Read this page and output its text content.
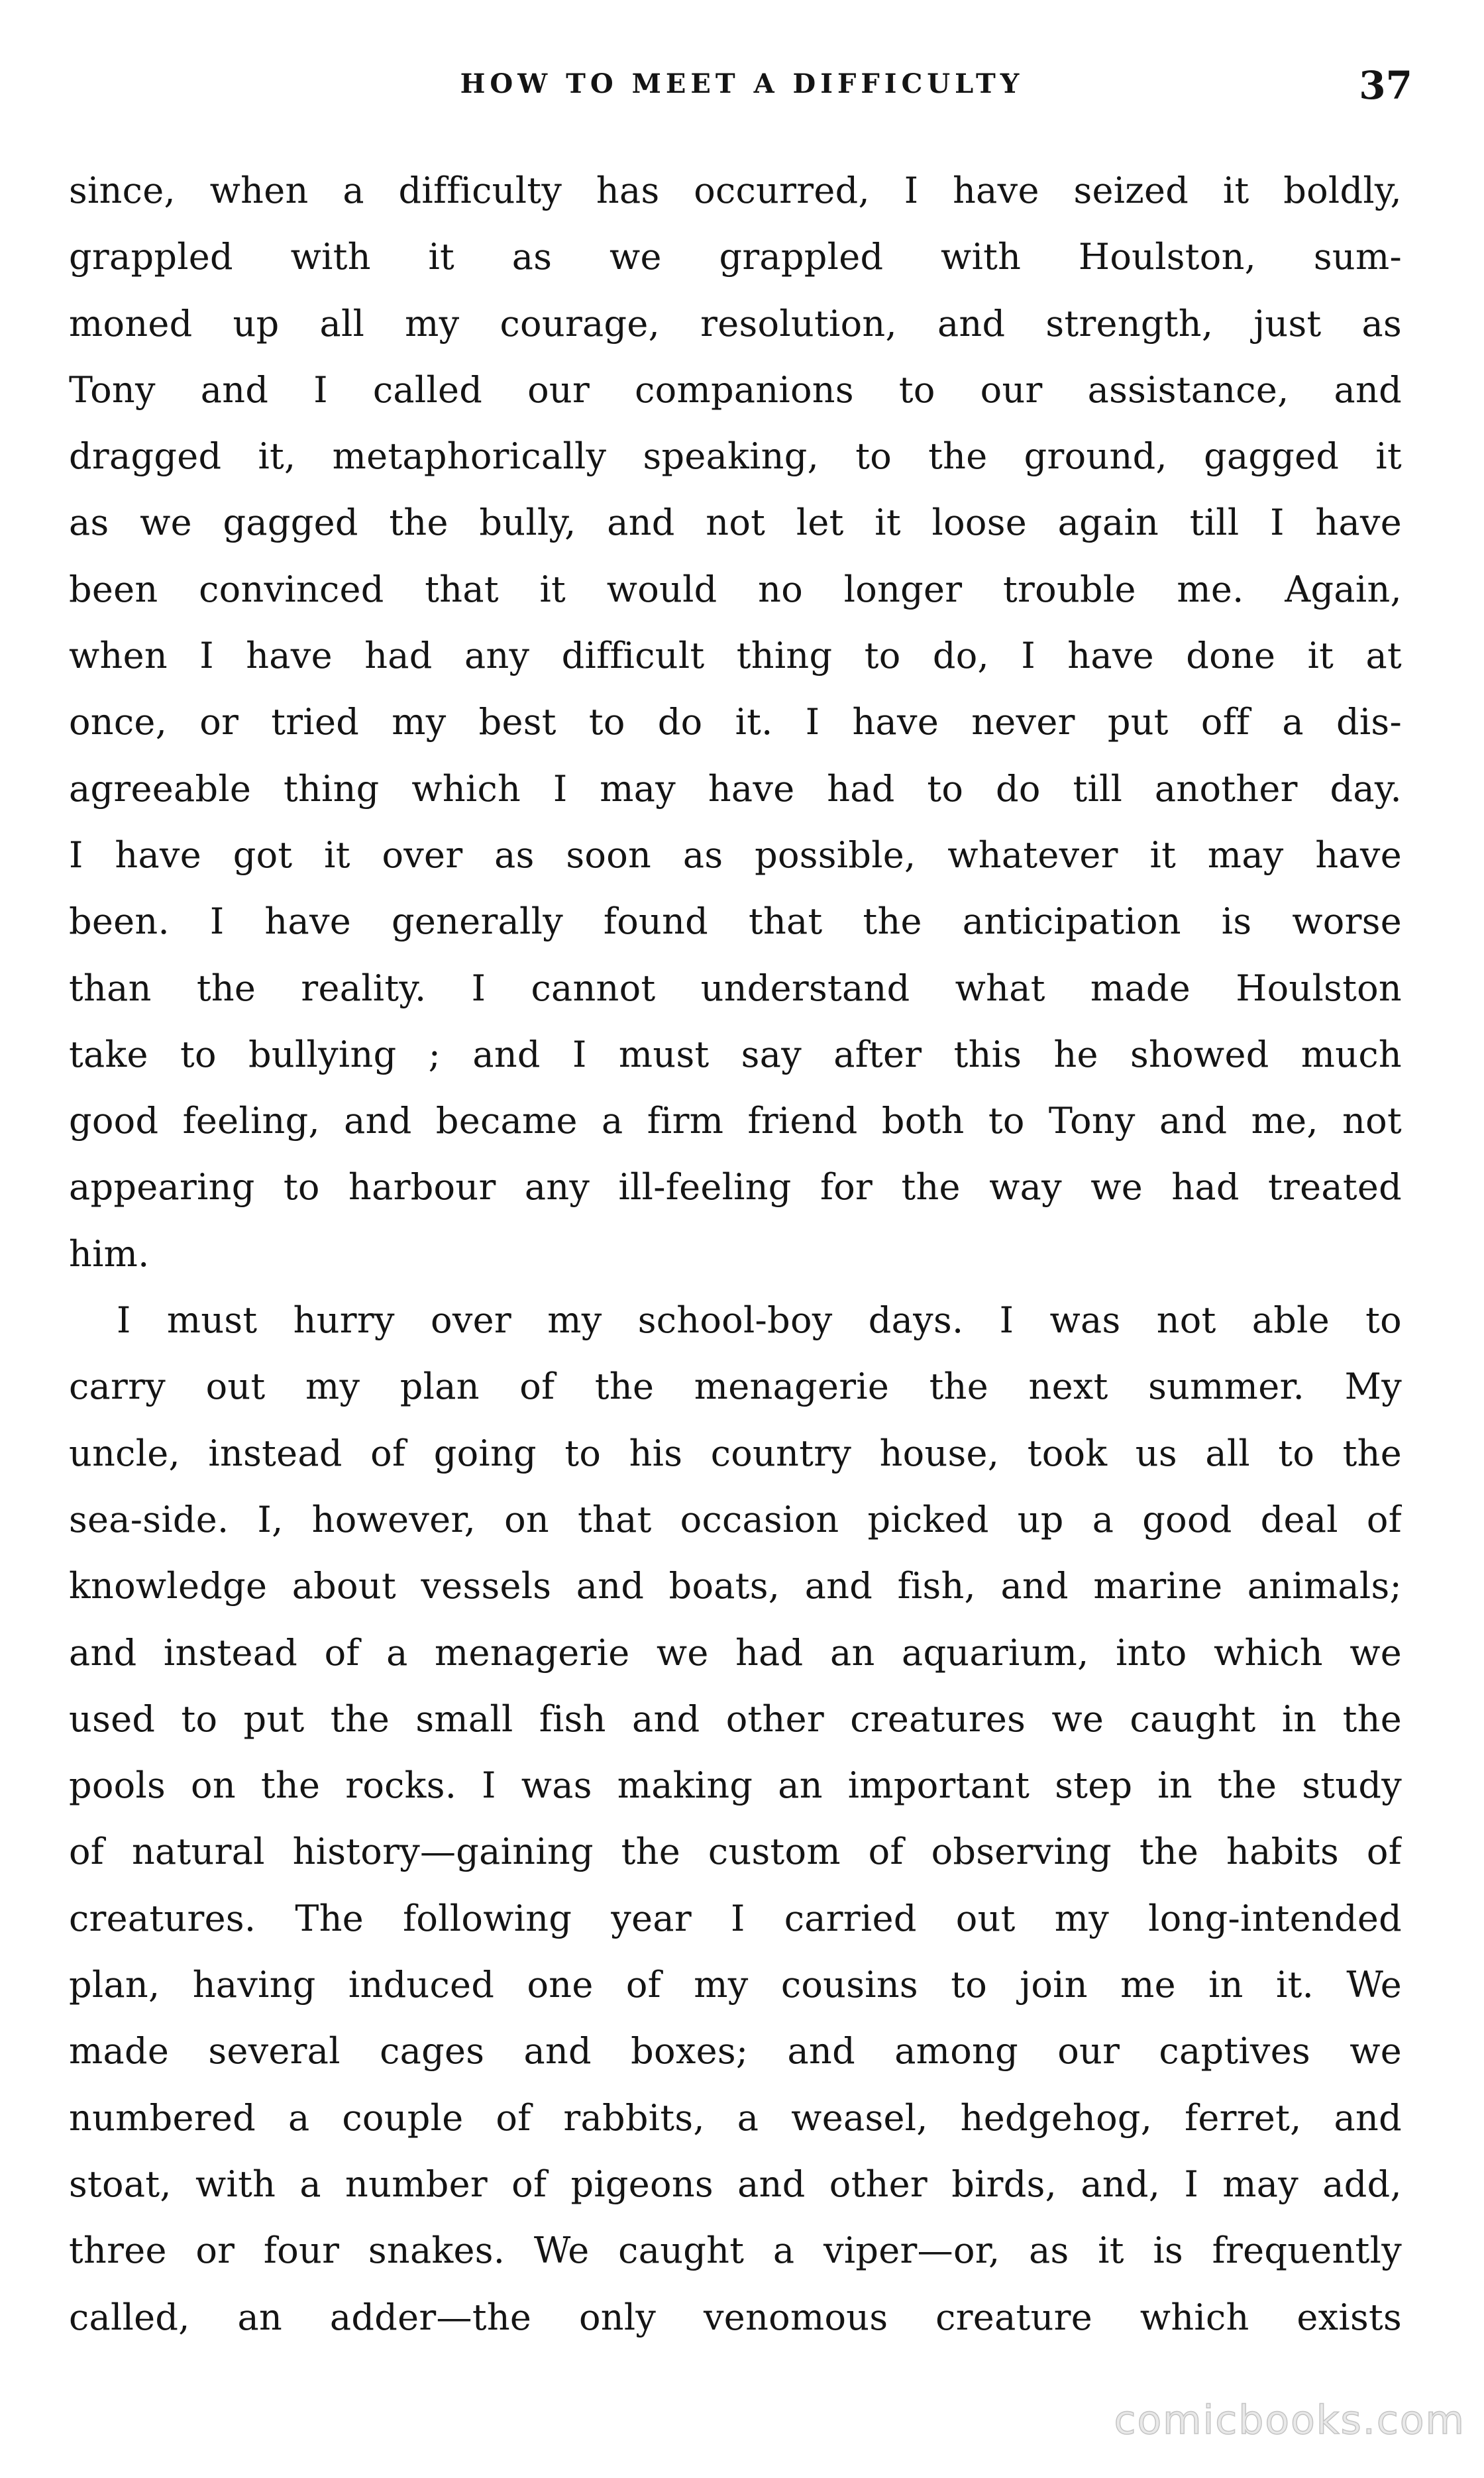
HOW TO MEET A DIFFICULTY	37
since, when a difficulty has occurred, I have seized it boldly,
grappled with it as we grappled with Houlston, sum-
moned up all my courage, resolution, and strength, just as
Tony and I called our companions to our assistance, and
dragged it, metaphorically speaking, to the ground, gagged it
as we gagged the bully, and not let it loose again till I have
been convinced that it would no longer trouble me. Again,
when I have had any difficult thing to do, I have done it at
once, or tried my best to do it. I have never put off a dis-
agreeable thing which I may have had to do till another day.
I have got it over as soon as possible, whatever it may have
been. I have generally found that the anticipation is worse
than the reality. I cannot understand what made Houlston
take to bullying ; and I must say after this he showed much
good feeling, and became a firm friend both to Tony and me, not
appearing to harbour any ill-feeling for the way we had treated
him.
I must hurry over my school-boy days. I was not able to
carry out my plan of the menagerie the next summer. My
uncle, instead of going to his country house, took us all to the
sea-side. I, however, on that occasion picked up a good deal of
knowledge about vessels and boats, and fish, and marine animals;
and instead of a menagerie we had an aquarium, into which we
used to put the small fish and other creatures we caught in the
pools on the rocks. I was making an important step in the study
of natural history—gaining the custom of observing the habits of
creatures. The following year I carried out my long-intended
plan, having induced one of my cousins to join me in it. We
made several cages and boxes; and among our captives we
numbered a couple of rabbits, a weasel, hedgehog, ferret, and
stoat, with a number of pigeons and other birds, and, I may add,
three or four snakes. We caught a viper—or, as it is frequently
called, an adder—the only venomous creature which exists
comicbooks.com
